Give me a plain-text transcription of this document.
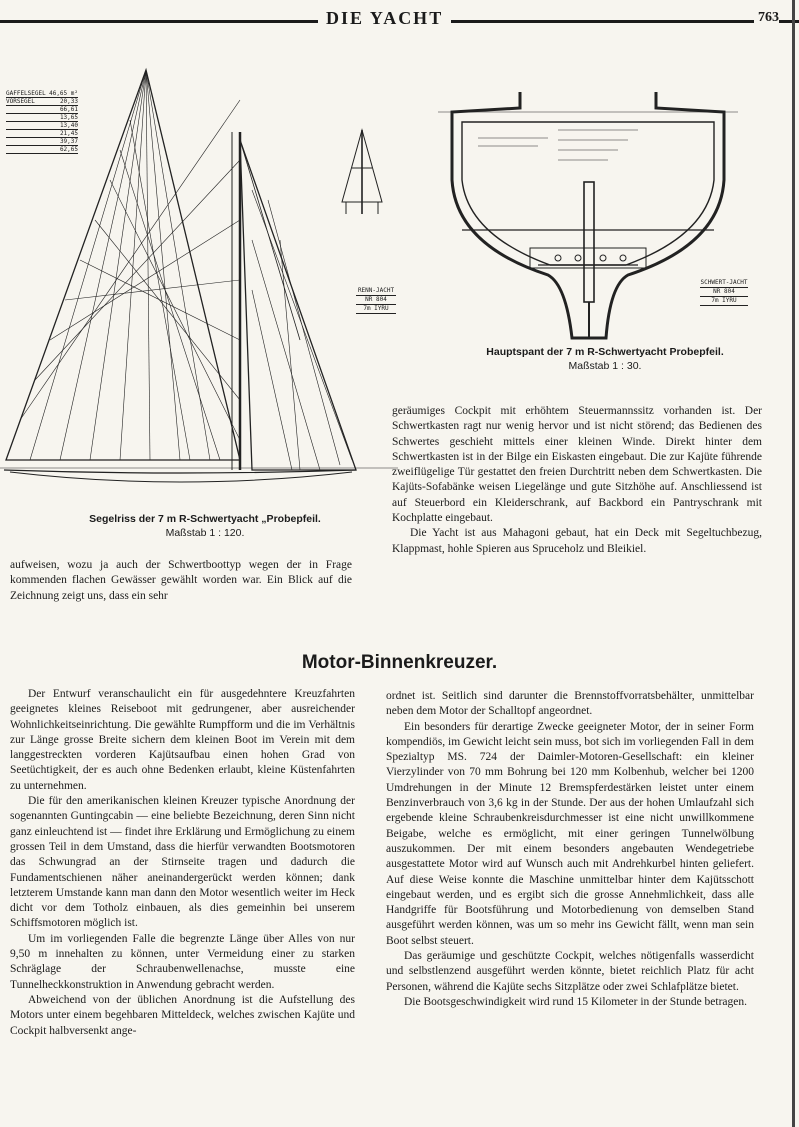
DIE YACHT	763
GAFFELSEGEL 46,65 m²
VORSEGEL	20,33
66,61
13,65
13,40
21,45
39,37
62,65
RENN-JACHT
NR 804
7m IYRU
SCHWERT-JACHT
NR 804
7m IYRU
Hauptspant der 7 m R-Schwertyacht Probepfeil.
Maßstab 1 : 30.
Segelriss der 7 m R-Schwertyacht „Probepfeil.
Maßstab 1 : 120.

geräumiges Cockpit mit erhöhtem Steuermannssitz vorhanden ist. Der Schwertkasten ragt nur wenig hervor und ist nicht störend; das Bedienen des Schwertes geschieht mittels einer kleinen Winde. Direkt hinter dem Schwertkasten ist in der Bilge ein Eiskasten eingebaut. Die zur Kajüte führende zweiflügelige Tür gestattet den freien Durchtritt neben dem Schwertkasten. Die Kajüts-Sofabänke weisen Liegelänge und gute Sitzhöhe auf. Anschliessend ist auf Steuerbord ein Kleiderschrank, auf Backbord ein Pantryschrank mit Kochplatte eingebaut.

Die Yacht ist aus Mahagoni gebaut, hat ein Deck mit Segeltuchbezug, Klappmast, hohle Spieren aus Spruceholz und Bleikiel.

aufweisen, wozu ja auch der Schwertboottyp wegen der in Frage kommenden flachen Gewässer gewählt worden war. Ein Blick auf die Zeichnung zeigt uns, dass ein sehr

Motor-Binnenkreuzer.

Der Entwurf veranschaulicht ein für ausgedehntere Kreuzfahrten geeignetes kleines Reiseboot mit gedrungener, aber ausreichender Wohnlichkeitseinrichtung. Die gewählte Rumpfform und die im Verhältnis zur Länge grosse Breite sichern dem kleinen Boot im Verein mit dem langgestreckten vorderen Kajütsaufbau einen hohen Grad von Seetüchtigkeit, der es auch ohne Bedenken erlaubt, kleine Küstenfahrten zu unternehmen.

Die für den amerikanischen kleinen Kreuzer typische Anordnung der sogenannten Guntingcabin — eine beliebte Bezeichnung, deren Sinn nicht ganz einleuchtend ist — findet ihre Erklärung und Ermöglichung zu einem grossen Teil in dem Umstand, dass die hierfür verwandten Bootsmotoren das Schwungrad an der Stirnseite tragen und dadurch die Fundamentschienen näher aneinandergerückt werden können; dank letzterem Umstande kann man dann den Motor wesentlich weiter im Heck dicht vor dem Totholz einbauen, als dies gemeinhin bei unserem Schiffsmotoren möglich ist.

Um im vorliegenden Falle die begrenzte Länge über Alles von nur 9,50 m innehalten zu können, unter Vermeidung einer zu starken Schräglage der Schraubenwellenachse, musste eine Tunnelheckkonstruktion in Anwendung gebracht werden.

Abweichend von der üblichen Anordnung ist die Aufstellung des Motors unter einem begehbaren Mitteldeck, welches zwischen Kajüte und Cockpit halbversenkt ange-

ordnet ist. Seitlich sind darunter die Brennstoffvorratsbehälter, unmittelbar neben dem Motor der Schalltopf angeordnet.

Ein besonders für derartige Zwecke geeigneter Motor, der in seiner Form kompendiös, im Gewicht leicht sein muss, bot sich im vorliegenden Fall in dem Spezialtyp MS. 724 der Daimler-Motoren-Gesellschaft: ein kleiner Vierzylinder von 70 mm Bohrung bei 120 mm Kolbenhub, welcher bei 1200 Umdrehungen in der Minute 12 Bremspferdestärken leistet unter einem Benzinverbrauch von 3,6 kg in der Stunde. Der aus der hohen Umlaufzahl sich ergebende kleine Schraubenkreisdurchmesser ist eine nicht unwillkommene Beigabe, welche es ermöglicht, mit einer geringen Tunnelwölbung auszukommen. Der mit einem besonders angebauten Wendegetriebe ausgestattete Motor wird auf Wunsch auch mit Andrehkurbel hinten geliefert. Auf diese Weise konnte die Maschine unmittelbar hinter dem Kajütsschott eingebaut werden, und es ergibt sich die grosse Annehmlichkeit, dass alle Handgriffe für Bootsführung und Motorbedienung von demselben Stand ausgeführt werden können, was um so mehr ins Gewicht fällt, wenn man sein Boot selbst steuert.

Das geräumige und geschützte Cockpit, welches nötigenfalls wasserdicht und selbstlenzend ausgeführt werden könnte, bietet reichlich Platz für acht Personen, während die Kajüte sechs Sitzplätze oder zwei Schlafplätze bietet.

Die Bootsgeschwindigkeit wird rund 15 Kilometer in der Stunde betragen.
